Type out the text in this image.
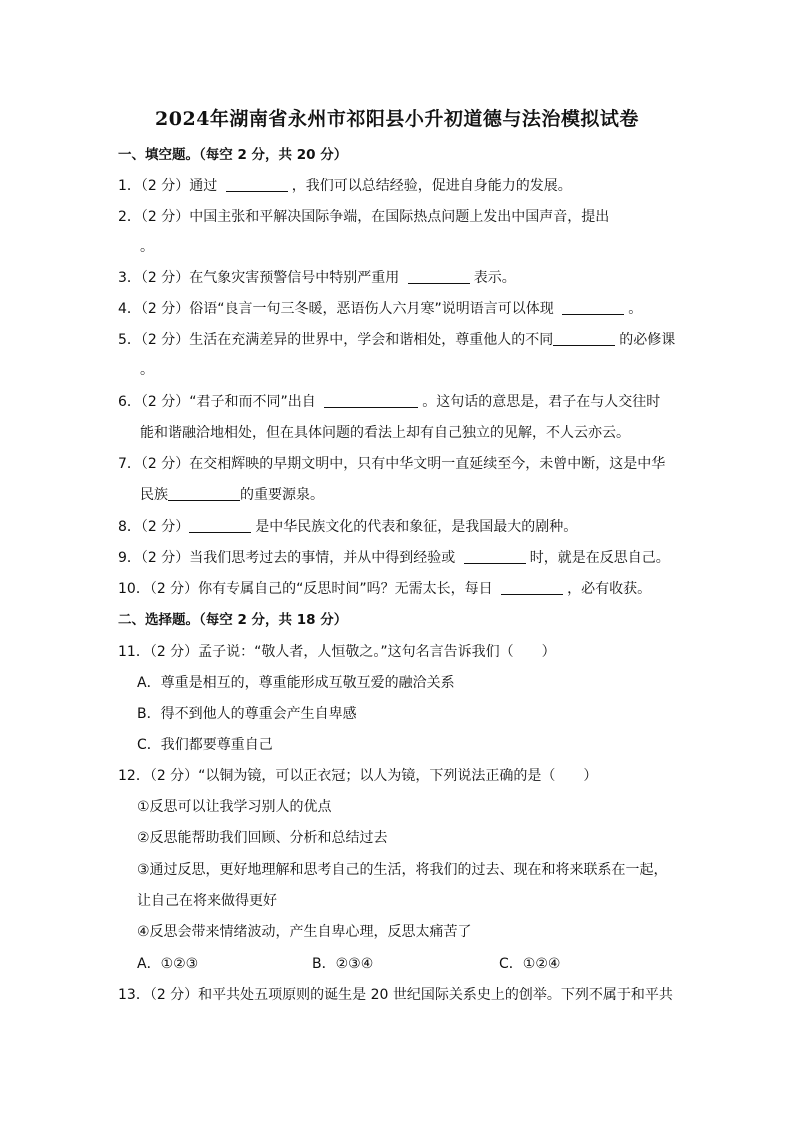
2024年湖南省永州市祁阳县小升初道德与法治模拟试卷
一、填空题。（每空 2 分，共 20 分）
1．（2 分）通过	，我们可以总结经验，促进自身能力的发展。
2．（2 分）中国主张和平解决国际争端，在国际热点问题上发出中国声音，提出
。
3．（2 分）在气象灾害预警信号中特别严重用	表示。
4．（2 分）俗语“良言一句三冬暖，恶语伤人六月寒”说明语言可以体现	。
5．（2 分）生活在充满差异的世界中，学会和谐相处，尊重他人的不同	的必修课
。
6．（2 分）“君子和而不同”出自	。这句话的意思是，君子在与人交往时
能和谐融洽地相处，但在具体问题的看法上却有自己独立的见解，不人云亦云。
7．（2 分）在交相辉映的早期文明中，只有中华文明一直延续至今，未曾中断，这是中华
民族	的重要源泉。
8．（2 分）	是中华民族文化的代表和象征，是我国最大的剧种。
9．（2 分）当我们思考过去的事情，并从中得到经验或	时，就是在反思自己。
10．（2 分）你有专属自己的“反思时间”吗？无需太长，每日	，必有收获。
二、选择题。（每空 2 分，共 18 分）
11．（2 分）孟子说：“敬人者，人恒敬之。”这句名言告诉我们（　　）
A．尊重是相互的，尊重能形成互敬互爱的融洽关系
B．得不到他人的尊重会产生自卑感
C．我们都要尊重自己
12．（2 分）“以铜为镜，可以正衣冠；以人为镜，下列说法正确的是（　　）
①反思可以让我学习别人的优点
②反思能帮助我们回顾、分析和总结过去
③通过反思，更好地理解和思考自己的生活，将我们的过去、现在和将来联系在一起，
让自己在将来做得更好
④反思会带来情绪波动，产生自卑心理，反思太痛苦了
A．①②③	B．②③④	C．①②④
13．（2 分）和平共处五项原则的诞生是 20 世纪国际关系史上的创举。下列不属于和平共
